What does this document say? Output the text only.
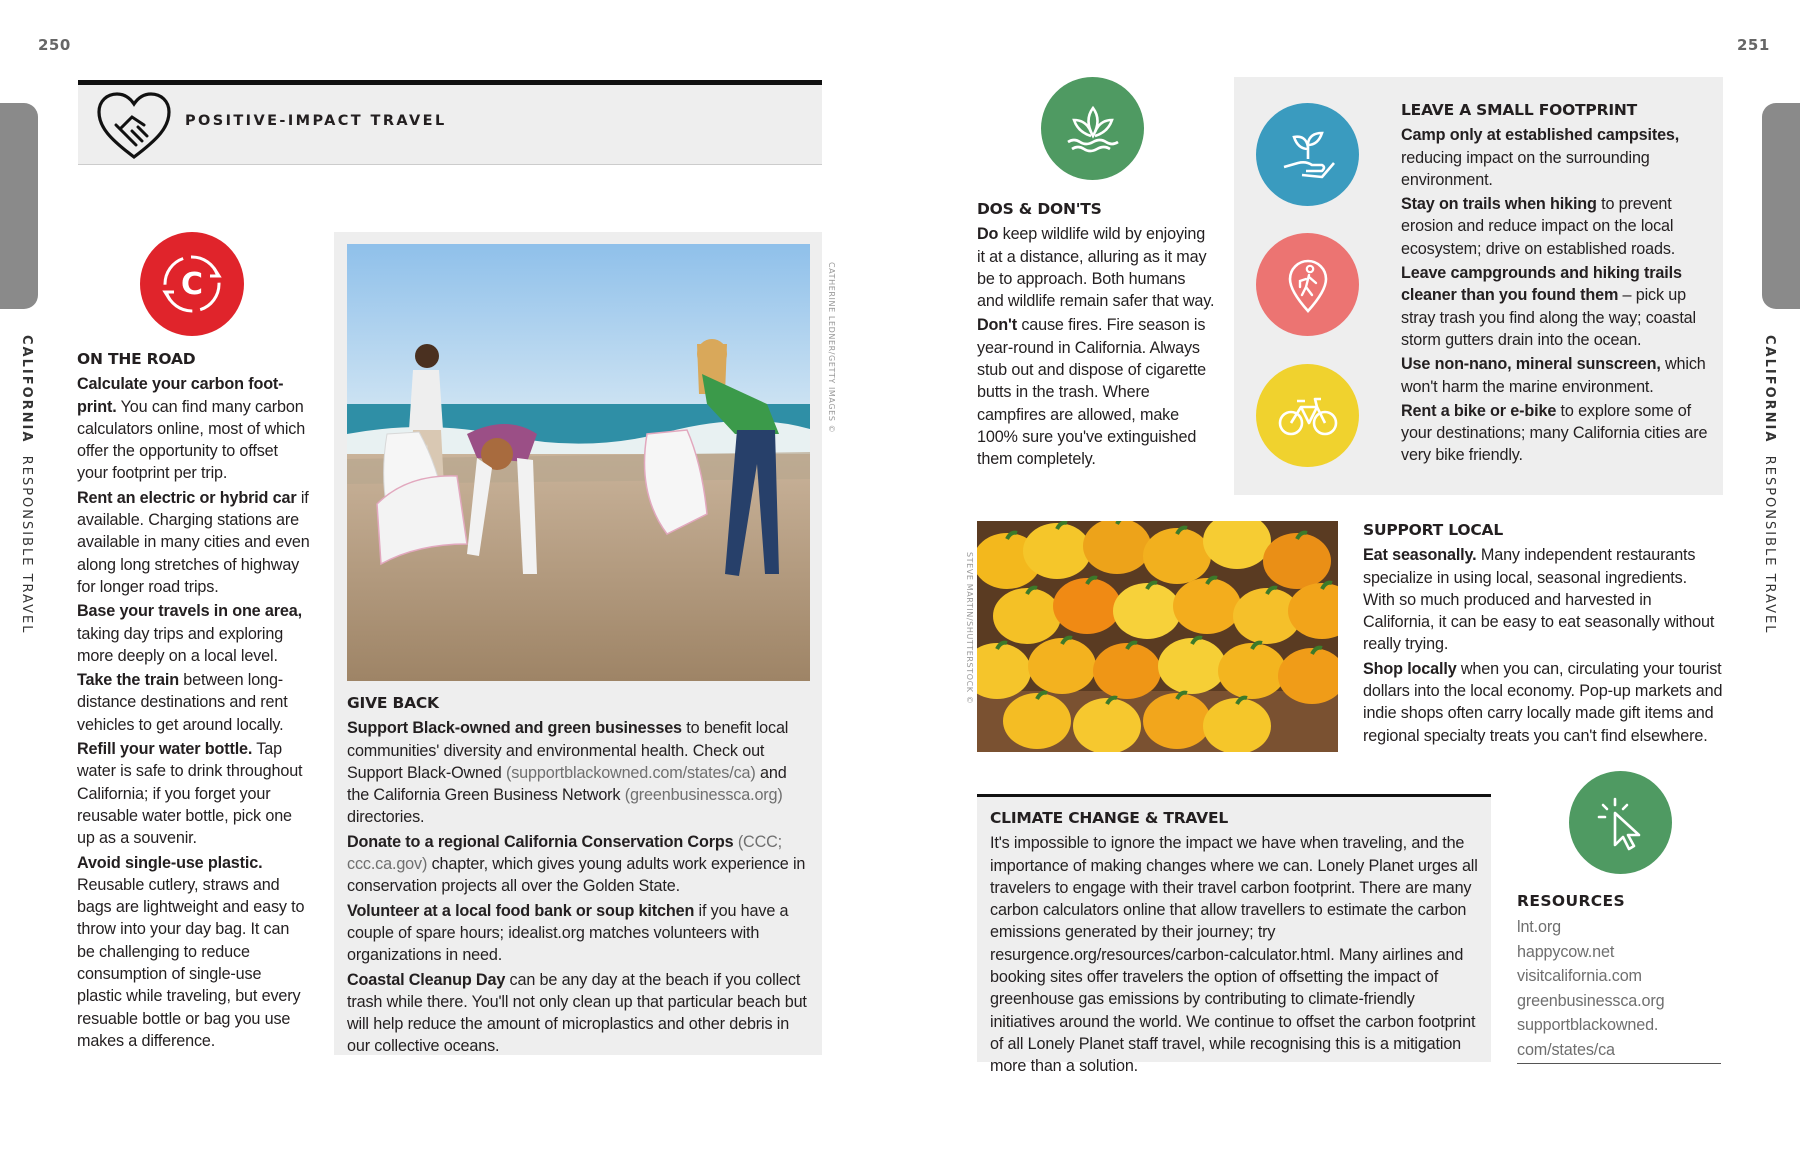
250	251
CALIFORNIA  RESPONSIBLE TRAVEL
CALIFORNIA  RESPONSIBLE TRAVEL
POSITIVE-IMPACT TRAVEL
C
ON THE ROAD

Calculate your carbon foot-print. You can find many carbon calculators online, most of which offer the opportunity to offset your footprint per trip.

Rent an electric or hybrid car if available. Charging stations are available in many cities and even along long stretches of highway for longer road trips.

Base your travels in one area, taking day trips and exploring more deeply on a local level.

Take the train between long-distance destinations and rent vehicles to get around locally.

Refill your water bottle. Tap water is safe to drink throughout California; if you forget your reusable water bottle, pick one up as a souvenir.

Avoid single-use plastic. Reusable cutlery, straws and bags are lightweight and easy to throw into your day bag. It can be challenging to reduce consumption of single-use plastic while traveling, but every resuable bottle or bag you use makes a difference.

CATHERINE LEDNER/GETTY IMAGES ©
GIVE BACK

Support Black-owned and green businesses to benefit local communities' diversity and environmental health. Check out Support Black-Owned (supportblackowned.com/states/ca) and the California Green Business Network (greenbusinessca.org) directories.

Donate to a regional California Conservation Corps (CCC; ccc.ca.gov) chapter, which gives young adults work experience in conservation projects all over the Golden State.

Volunteer at a local food bank or soup kitchen if you have a couple of spare hours; idealist.org matches volunteers with organizations in need.

Coastal Cleanup Day can be any day at the beach if you collect trash while there. You'll not only clean up that particular beach but will help reduce the amount of microplastics and other debris in our collective oceans.

DOS & DON'TS

Do keep wildlife wild by enjoying it at a distance, alluring as it may be to approach. Both humans and wildlife remain safer that way.

Don't cause fires. Fire season is year-round in California. Always stub out and dispose of cigarette butts in the trash. Where campfires are allowed, make 100% sure you've extinguished them completely.

LEAVE A SMALL FOOTPRINT

Camp only at established campsites, reducing impact on the surrounding environment.

Stay on trails when hiking to prevent erosion and reduce impact on the local ecosystem; drive on established roads.

Leave campgrounds and hiking trails cleaner than you found them – pick up stray trash you find along the way; coastal storm gutters drain into the ocean.

Use non-nano, mineral sunscreen, which won't harm the marine environment.

Rent a bike or e-bike to explore some of your destinations; many California cities are very bike friendly.

STEVE MARTIN/SHUTTERSTOCK ©
SUPPORT LOCAL

Eat seasonally. Many independent restaurants specialize in using local, seasonal ingredients. With so much produced and harvested in California, it can be easy to eat seasonally without really trying.

Shop locally when you can, circulating your tourist dollars into the local economy. Pop-up markets and indie shops often carry locally made gift items and regional specialty treats you can't find elsewhere.

CLIMATE CHANGE & TRAVEL

It's impossible to ignore the impact we have when traveling, and the importance of making changes where we can. Lonely Planet urges all travelers to engage with their travel carbon footprint. There are many carbon calculators online that allow travellers to estimate the carbon emissions generated by their journey; try resurgence.org/resources/carbon-calculator.html. Many airlines and booking sites offer travelers the option of offsetting the impact of greenhouse gas emissions by contributing to climate-friendly initiatives around the world. We continue to offset the carbon footprint of all Lonely Planet staff travel, while recognising this is a mitigation more than a solution.

RESOURCES
lnt.org
happycow.net
visitcalifornia.com
greenbusinessca.org
supportblackowned.
com/states/ca
